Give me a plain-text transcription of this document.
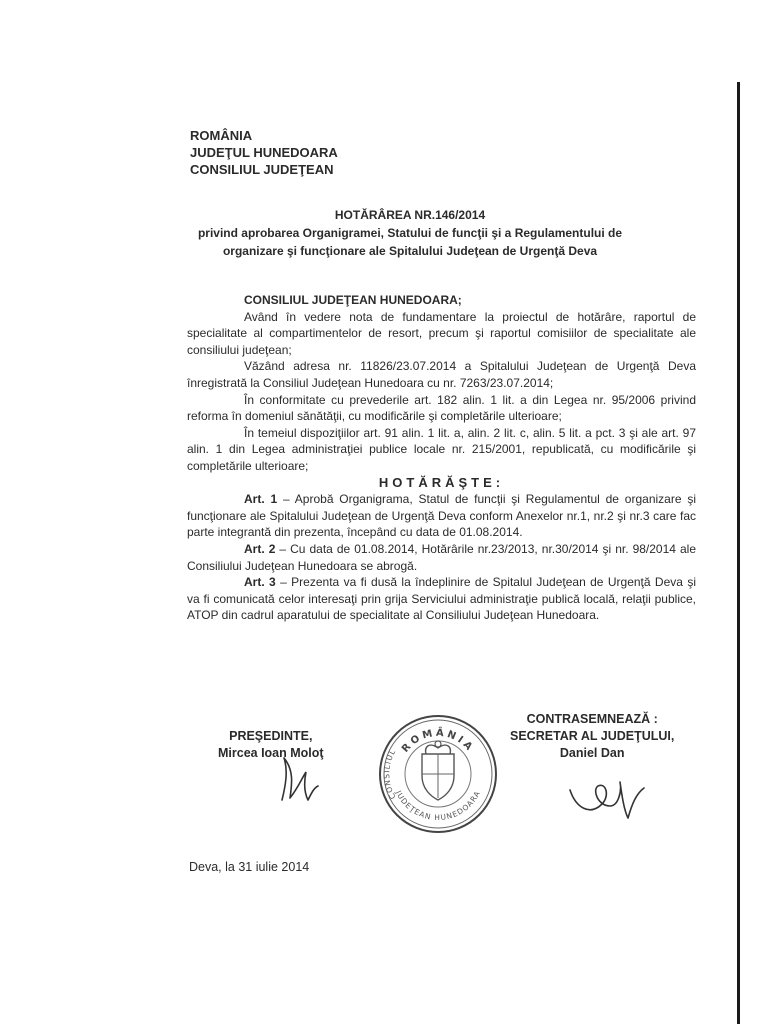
ROMÂNIA
JUDEŢUL HUNEDOARA
CONSILIUL JUDEŢEAN
HOTĂRÂREA NR.146/2014
privind aprobarea Organigramei, Statului de funcţii şi a Regulamentului de
organizare şi funcţionare ale Spitalului Judeţean de Urgenţă Deva

CONSILIUL JUDEŢEAN HUNEDOARA;

Având în vedere nota de fundamentare la proiectul de hotărâre, raportul de specialitate al compartimentelor de resort, precum şi raportul comisiilor de specialitate ale consiliului judeţean;

Văzând adresa nr. 11826/23.07.2014 a Spitalului Judeţean de Urgenţă Deva înregistrată la Consiliul Judeţean Hunedoara cu nr. 7263/23.07.2014;

În conformitate cu prevederile art. 182 alin. 1 lit. a din Legea nr. 95/2006 privind reforma în domeniul sănătăţii, cu modificările şi completările ulterioare;

În temeiul dispoziţiilor art. 91 alin. 1 lit. a, alin. 2 lit. c, alin. 5 lit. a pct. 3 şi ale art. 97 alin. 1 din Legea administraţiei publice locale nr. 215/2001, republicată, cu modificările şi completările ulterioare;

HOTĂRĂŞTE:

Art. 1 – Aprobă Organigrama, Statul de funcţii şi Regulamentul de organizare şi funcţionare ale Spitalului Judeţean de Urgenţă Deva conform Anexelor nr.1, nr.2 şi nr.3 care fac parte integrantă din prezenta, începând cu data de 01.08.2014.

Art. 2 – Cu data de 01.08.2014, Hotărârile nr.23/2013, nr.30/2014 şi nr. 98/2014 ale Consiliului Judeţean Hunedoara se abrogă.

Art. 3 – Prezenta va fi dusă la îndeplinire de Spitalul Judeţean de Urgenţă Deva şi va fi comunicată celor interesaţi prin grija Serviciului administraţie publică locală, relaţii publice, ATOP din cadrul aparatului de specialitate al Consiliului Judeţean Hunedoara.

PREŞEDINTE,
Mircea Ioan Moloţ	ROMÂNIA
CONSILIUL
JUDEŢEAN HUNEDOARA
CONTRASEMNEAZĂ :
SECRETAR AL JUDEŢULUI,
Daniel Dan
Deva, la 31 iulie 2014
